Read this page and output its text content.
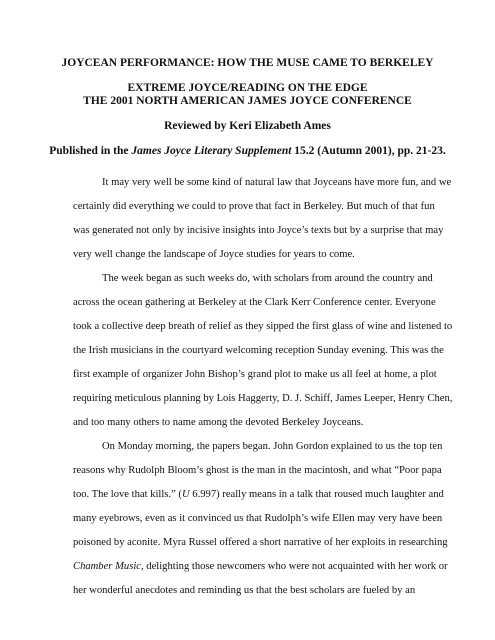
JOYCEAN PERFORMANCE: HOW THE MUSE CAME TO BERKELEY
EXTREME JOYCE/READING ON THE EDGE
THE 2001 NORTH AMERICAN JAMES JOYCE CONFERENCE
Reviewed by Keri Elizabeth Ames
Published in the James Joyce Literary Supplement 15.2 (Autumn 2001), pp. 21-23.
It may very well be some kind of natural law that Joyceans have more fun, and we
certainly did everything we could to prove that fact in Berkeley. But much of that fun
was generated not only by incisive insights into Joyce’s texts but by a surprise that may
very well change the landscape of Joyce studies for years to come.
The week began as such weeks do, with scholars from around the country and
across the ocean gathering at Berkeley at the Clark Kerr Conference center. Everyone
took a collective deep breath of relief as they sipped the first glass of wine and listened to
the Irish musicians in the courtyard welcoming reception Sunday evening. This was the
first example of organizer John Bishop’s grand plot to make us all feel at home, a plot
requiring meticulous planning by Lois Haggerty, D. J. Schiff, James Leeper, Henry Chen,
and too many others to name among the devoted Berkeley Joyceans.
On Monday morning, the papers began. John Gordon explained to us the top ten
reasons why Rudolph Bloom’s ghost is the man in the macintosh, and what “Poor papa
too. The love that kills.” (U 6.997) really means in a talk that roused much laughter and
many eyebrows, even as it convinced us that Rudolph’s wife Ellen may very have been
poisoned by aconite. Myra Russel offered a short narrative of her exploits in researching
Chamber Music, delighting those newcomers who were not acquainted with her work or
her wonderful anecdotes and reminding us that the best scholars are fueled by an
